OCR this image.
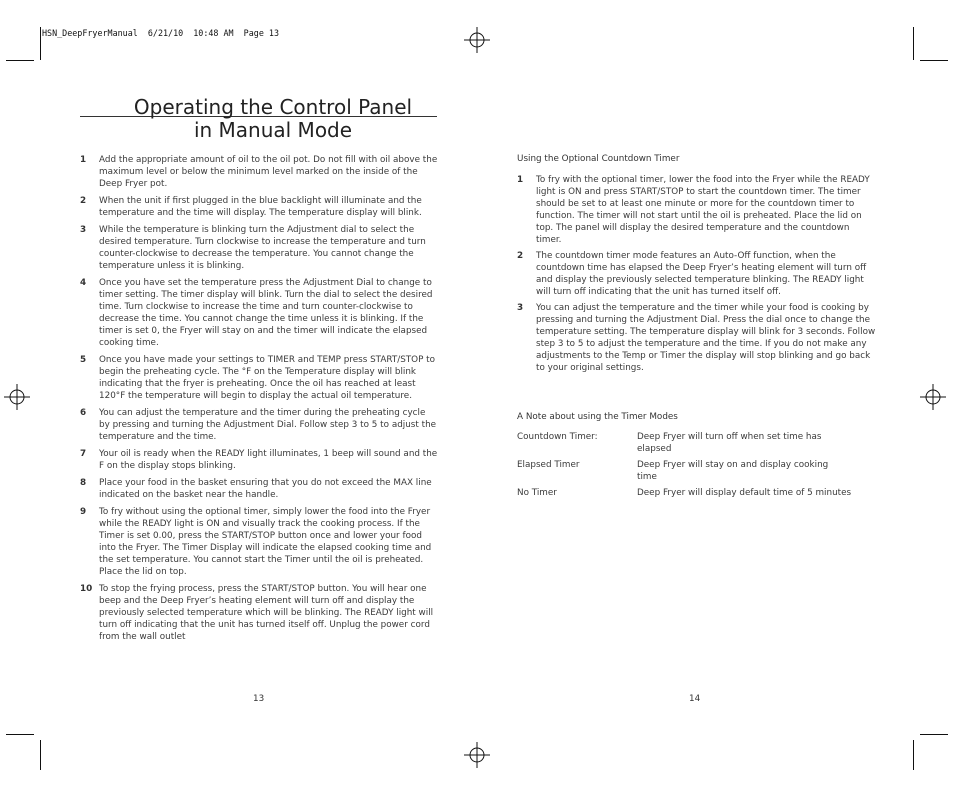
HSN_DeepFryerManual  6/21/10  10:48 AM  Page 13
Operating the Control Panel
in Manual Mode
1 Add the appropriate amount of oil to the oil pot. Do not fill with oil above the maximum level or below the minimum level marked on the inside of the Deep Fryer pot.
2 When the unit if first plugged in the blue backlight will illuminate and the temperature and the time will display. The temperature display will blink.
3 While the temperature is blinking turn the Adjustment dial to select the desired temperature. Turn clockwise to increase the temperature and turn counter-clockwise to decrease the temperature. You cannot change the temperature unless it is blinking.
4 Once you have set the temperature press the Adjustment Dial to change to timer setting. The timer display will blink. Turn the dial to select the desired time. Turn clockwise to increase the time and turn counter-clockwise to decrease the time. You cannot change the time unless it is blinking. If the timer is set 0, the Fryer will stay on and the timer will indicate the elapsed cooking time.
5 Once you have made your settings to TIMER and TEMP press START/STOP to begin the preheating cycle. The °F on the Temperature display will blink indicating that the fryer is preheating. Once the oil has reached at least 120°F the temperature will begin to display the actual oil temperature.
6 You can adjust the temperature and the timer during the preheating cycle by pressing and turning the Adjustment Dial. Follow step 3 to 5 to adjust the temperature and the time.
7 Your oil is ready when the READY light illuminates, 1 beep will sound and the F on the display stops blinking.
8 Place your food in the basket ensuring that you do not exceed the MAX line indicated on the basket near the handle.
9 To fry without using the optional timer, simply lower the food into the Fryer while the READY light is ON and visually track the cooking process. If the Timer is set 0.00, press the START/STOP button once and lower your food into the Fryer. The Timer Display will indicate the elapsed cooking time and the set temperature. You cannot start the Timer until the oil is preheated. Place the lid on top.
10 To stop the frying process, press the START/STOP button. You will hear one beep and the Deep Fryer’s heating element will turn off and display the previously selected temperature which will be blinking. The READY light will turn off indicating that the unit has turned itself off. Unplug the power cord from the wall outlet
13
Using the Optional Countdown Timer
1 To fry with the optional timer, lower the food into the Fryer while the READY light is ON and press START/STOP to start the countdown timer. The timer should be set to at least one minute or more for the countdown timer to function. The timer will not start until the oil is preheated. Place the lid on top. The panel will display the desired temperature and the countdown timer.
2 The countdown timer mode features an Auto-Off function, when the countdown time has elapsed the Deep Fryer’s heating element will turn off and display the previously selected temperature blinking. The READY light will turn off indicating that the unit has turned itself off.
3 You can adjust the temperature and the timer while your food is cooking by pressing and turning the Adjustment Dial. Press the dial once to change the temperature setting. The temperature display will blink for 3 seconds. Follow step 3 to 5 to adjust the temperature and the time. If you do not make any adjustments to the Temp or Timer the display will stop blinking and go back to your original settings.
A Note about using the Timer Modes
Countdown Timer:	Deep Fryer will turn off when set time has elapsed
Elapsed Timer	Deep Fryer will stay on and display cooking time
No Timer	Deep Fryer will display default time of 5 minutes
14
